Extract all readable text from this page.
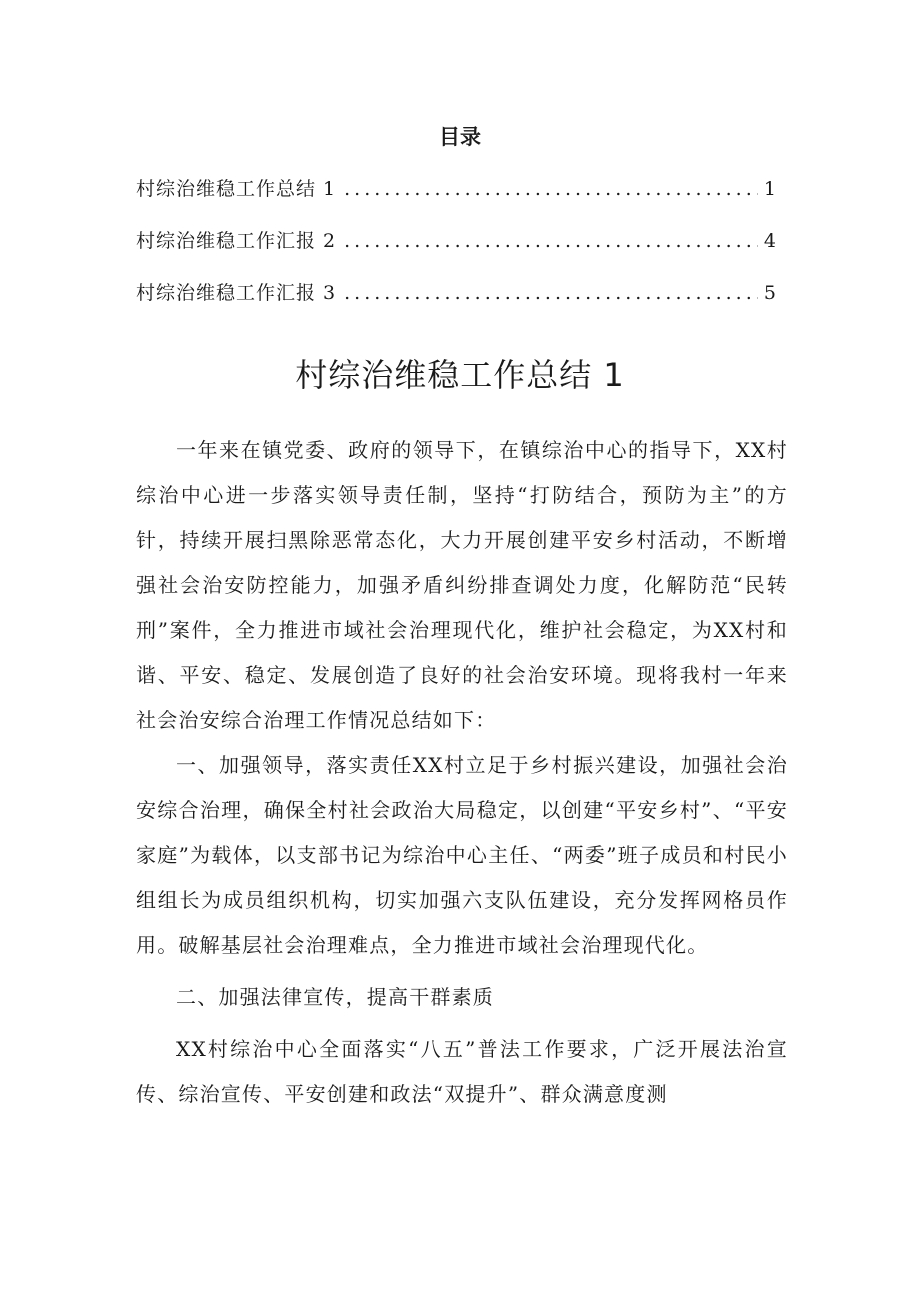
目录
村综治维稳工作总结 1 .....	1
村综治维稳工作汇报 2 .....	4
村综治维稳工作汇报 3 .....	5
村综治维稳工作总结 1

一年来在镇党委、政府的领导下，在镇综治中心的指导下，XX村综治中心进一步落实领导责任制，坚持“打防结合，预防为主”的方针，持续开展扫黑除恶常态化，大力开展创建平安乡村活动，不断增强社会治安防控能力，加强矛盾纠纷排查调处力度，化解防范“民转刑”案件，全力推进市域社会治理现代化，维护社会稳定，为XX村和谐、平安、稳定、发展创造了良好的社会治安环境。现将我村一年来社会治安综合治理工作情况总结如下：

一、加强领导，落实责任XX村立足于乡村振兴建设，加强社会治安综合治理，确保全村社会政治大局稳定，以创建“平安乡村”、“平安家庭”为载体，以支部书记为综治中心主任、“两委”班子成员和村民小组组长为成员组织机构，切实加强六支队伍建设，充分发挥网格员作用。破解基层社会治理难点，全力推进市域社会治理现代化。

二、加强法律宣传，提高干群素质

XX村综治中心全面落实“八五”普法工作要求，广泛开展法治宣传、综治宣传、平安创建和政法“双提升”、群众满意度测
